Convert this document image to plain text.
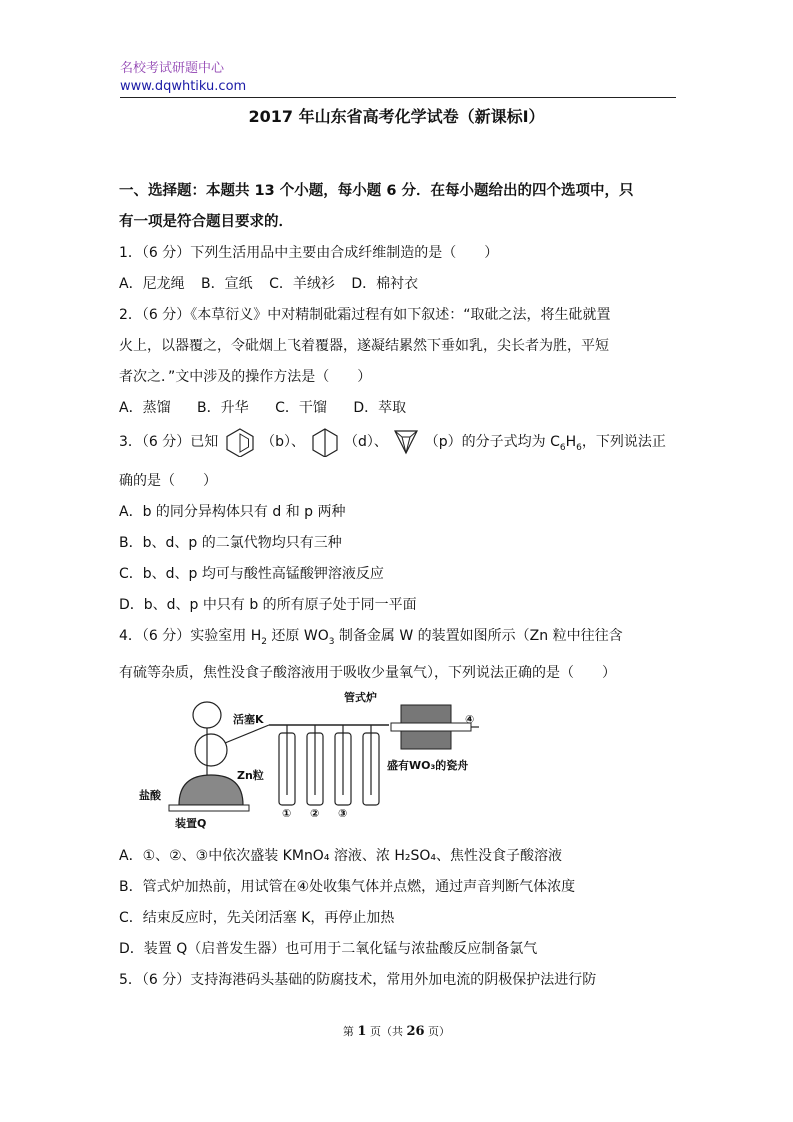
名校考试研题中心
www.dqwhtiku.com
2017 年山东省高考化学试卷（新课标Ⅰ）
一、选择题：本题共 13 个小题，每小题 6 分．在每小题给出的四个选项中，只
有一项是符合题目要求的．
1．（6 分）下列生活用品中主要由合成纤维制造的是（　　）
A．尼龙绳 B．宣纸 C．羊绒衫 D．棉衬衣
2．（6 分）《本草衍义》中对精制砒霜过程有如下叙述：“取砒之法，将生砒就置
火上，以器覆之，令砒烟上飞着覆器，遂凝结累然下垂如乳，尖长者为胜，平短
者次之．”文中涉及的操作方法是（　　）
A．蒸馏 B．升华 C．干馏 D．萃取
3．（6 分）已知	（b）、	（d）、	（p）的分子式均为 $C_6H_6$，下列说法正
确的是（　　）
A．b 的同分异构体只有 d 和 p 两种
B．b、d、p 的二氯代物均只有三种
C．b、d、p 均可与酸性高锰酸钾溶液反应
D．b、d、p 中只有 b 的所有原子处于同一平面
4．（6 分）实验室用 $H_2$ 还原 $WO_3$ 制备金属 W 的装置如图所示（Zn 粒中往往含
有硫等杂质，焦性没食子酸溶液用于吸收少量氧气），下列说法正确的是（　　）
活塞K
管式炉
Zn粒
盐酸
装置Q
盛有WO₃的瓷舟
① ② ③
④
A．①、②、③中依次盛装 KMnO₄ 溶液、浓 H₂SO₄、焦性没食子酸溶液
B．管式炉加热前，用试管在④处收集气体并点燃，通过声音判断气体浓度
C．结束反应时，先关闭活塞 K，再停止加热
D．装置 Q（启普发生器）也可用于二氧化锰与浓盐酸反应制备氯气
5．（6 分）支持海港码头基础的防腐技术，常用外加电流的阴极保护法进行防
第 1 页（共 26 页）
